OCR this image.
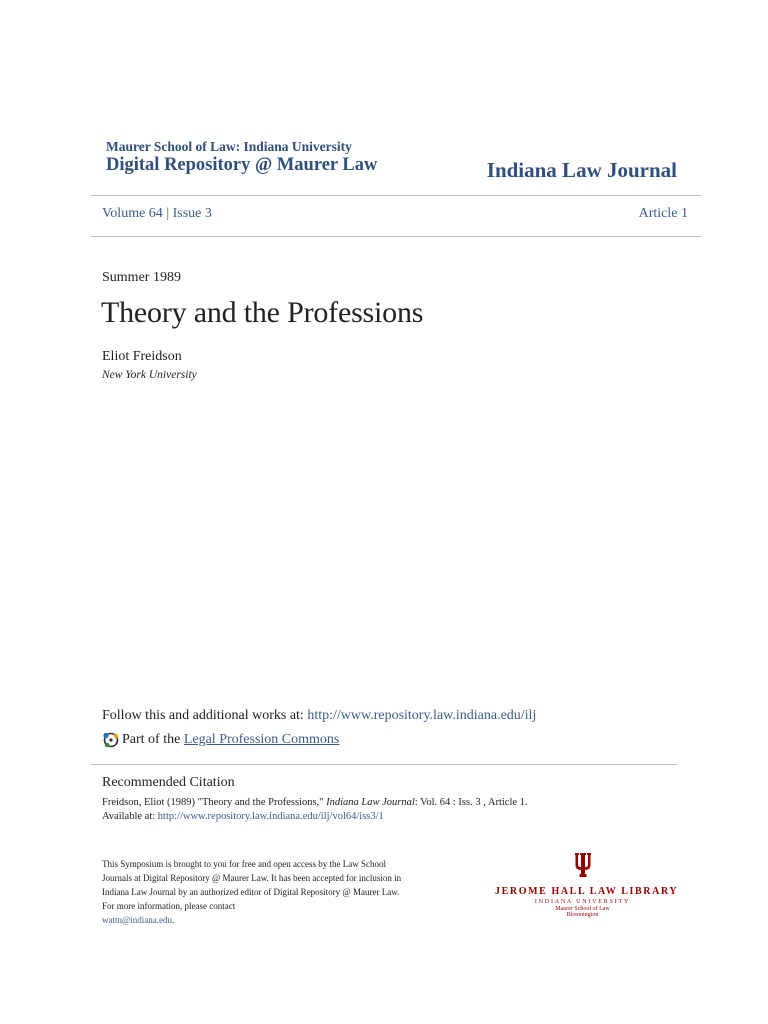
Maurer School of Law: Indiana University
Digital Repository @ Maurer Law	Indiana Law Journal
Volume 64 | Issue 3	Article 1
Summer 1989
Theory and the Professions
Eliot Freidson
New York University
Follow this and additional works at: http://www.repository.law.indiana.edu/ilj
Part of the
Legal Profession Commons
Recommended Citation
Freidson, Eliot (1989) "Theory and the Professions," Indiana Law Journal: Vol. 64 : Iss. 3 , Article 1.
Available at: http://www.repository.law.indiana.edu/ilj/vol64/iss3/1
This Symposium is brought to you for free and open access by the Law School Journals at Digital Repository @ Maurer Law. It has been accepted for inclusion in Indiana Law Journal by an authorized editor of Digital Repository @ Maurer Law. For more information, please contact
wattn@indiana.edu.
JEROME HALL LAW LIBRARY
INDIANA UNIVERSITY
Maurer School of Law
Bloomington
